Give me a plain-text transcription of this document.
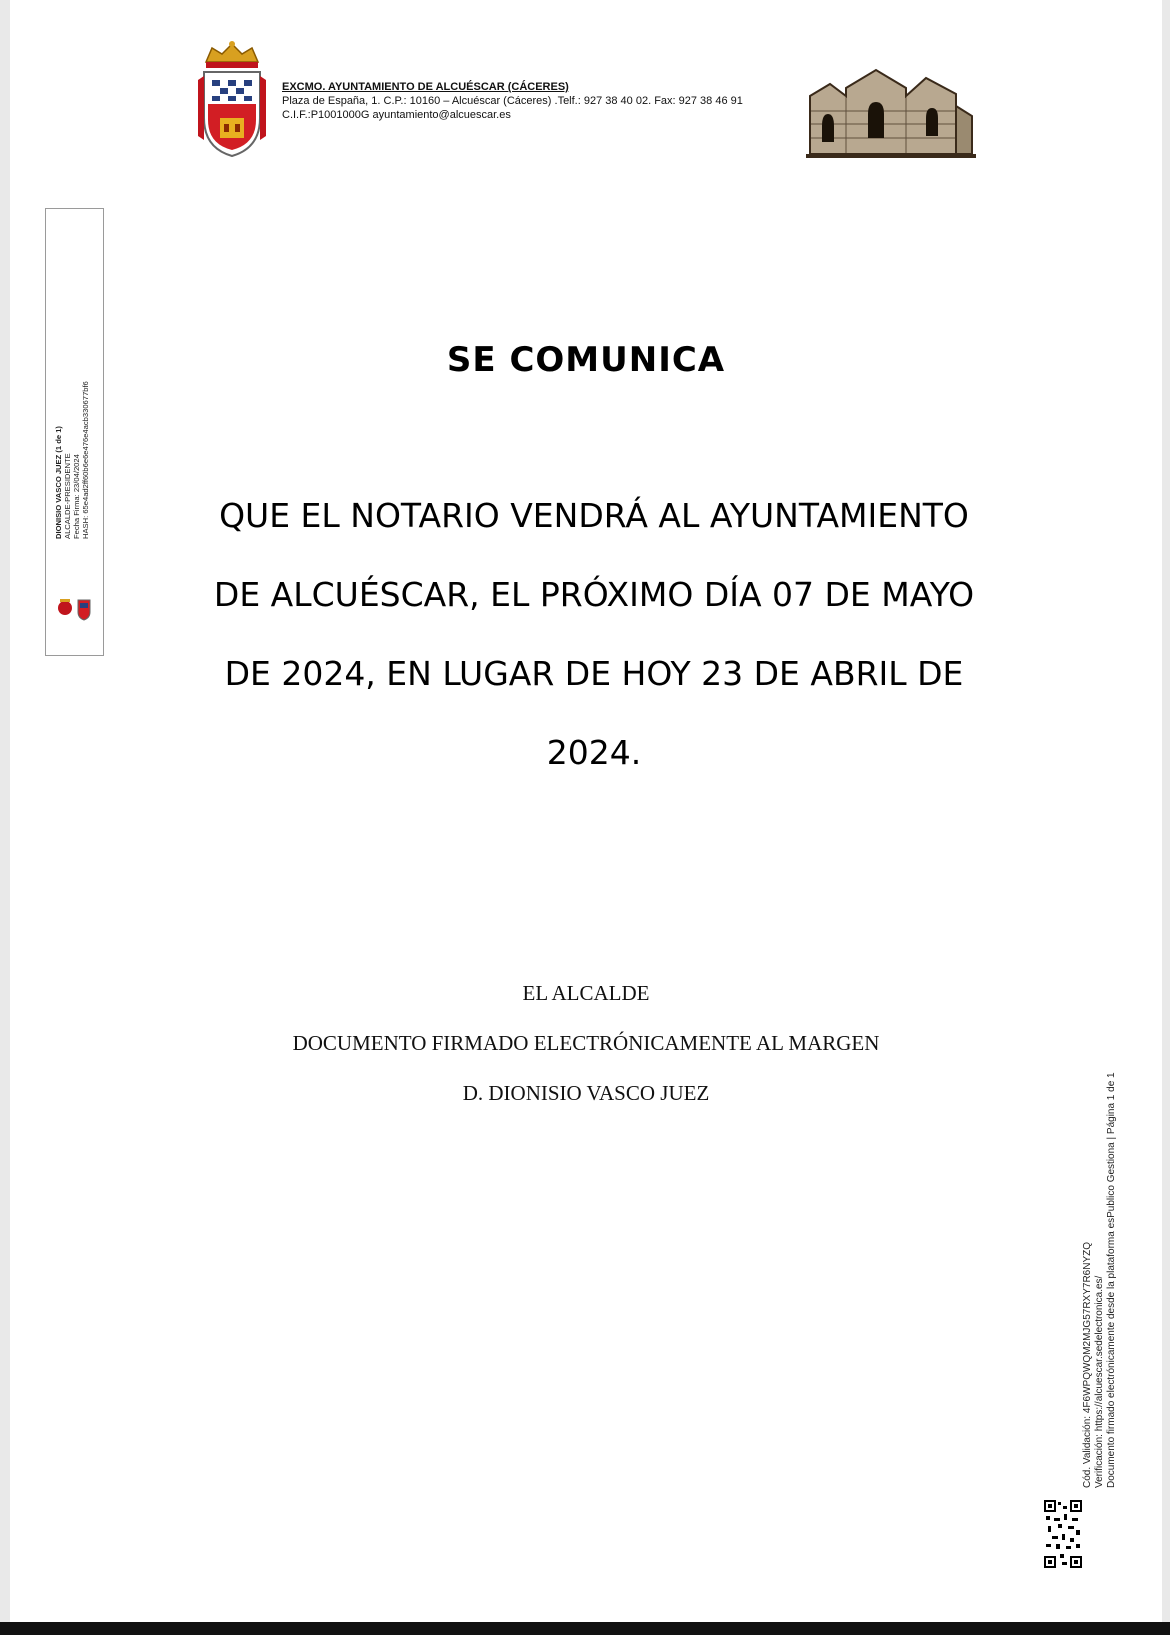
EXCMO. AYUNTAMIENTO DE ALCUÉSCAR (CÁCERES)
Plaza de España, 1. C.P.: 10160 – Alcuéscar (Cáceres) .Telf.: 927 38 40 02. Fax: 927 38 46 91
C.I.F.:P1001000G ayuntamiento@alcuescar.es
DIONISIO VASCO JUEZ (1 de 1)
ALCALDE-PRESIDENTE
Fecha Firma: 23/04/2024
HASH: 65e4ad2ff60b6e6e476e4acb330677bf6
SE COMUNICA
QUE EL NOTARIO VENDRÁ AL AYUNTAMIENTO
DE ALCUÉSCAR, EL PRÓXIMO DÍA 07 DE MAYO
DE 2024, EN LUGAR DE HOY 23 DE ABRIL DE
2024.
EL ALCALDE
DOCUMENTO FIRMADO ELECTRÓNICAMENTE AL MARGEN
D. DIONISIO VASCO JUEZ
Cód. Validación: 4F6WPQWQM2MJG57RXY7R6NYZQ Verificación: https://alcuescar.sedelectronica.es/ Documento firmado electrónicamente desde la plataforma esPublico Gestiona | Página 1 de 1
